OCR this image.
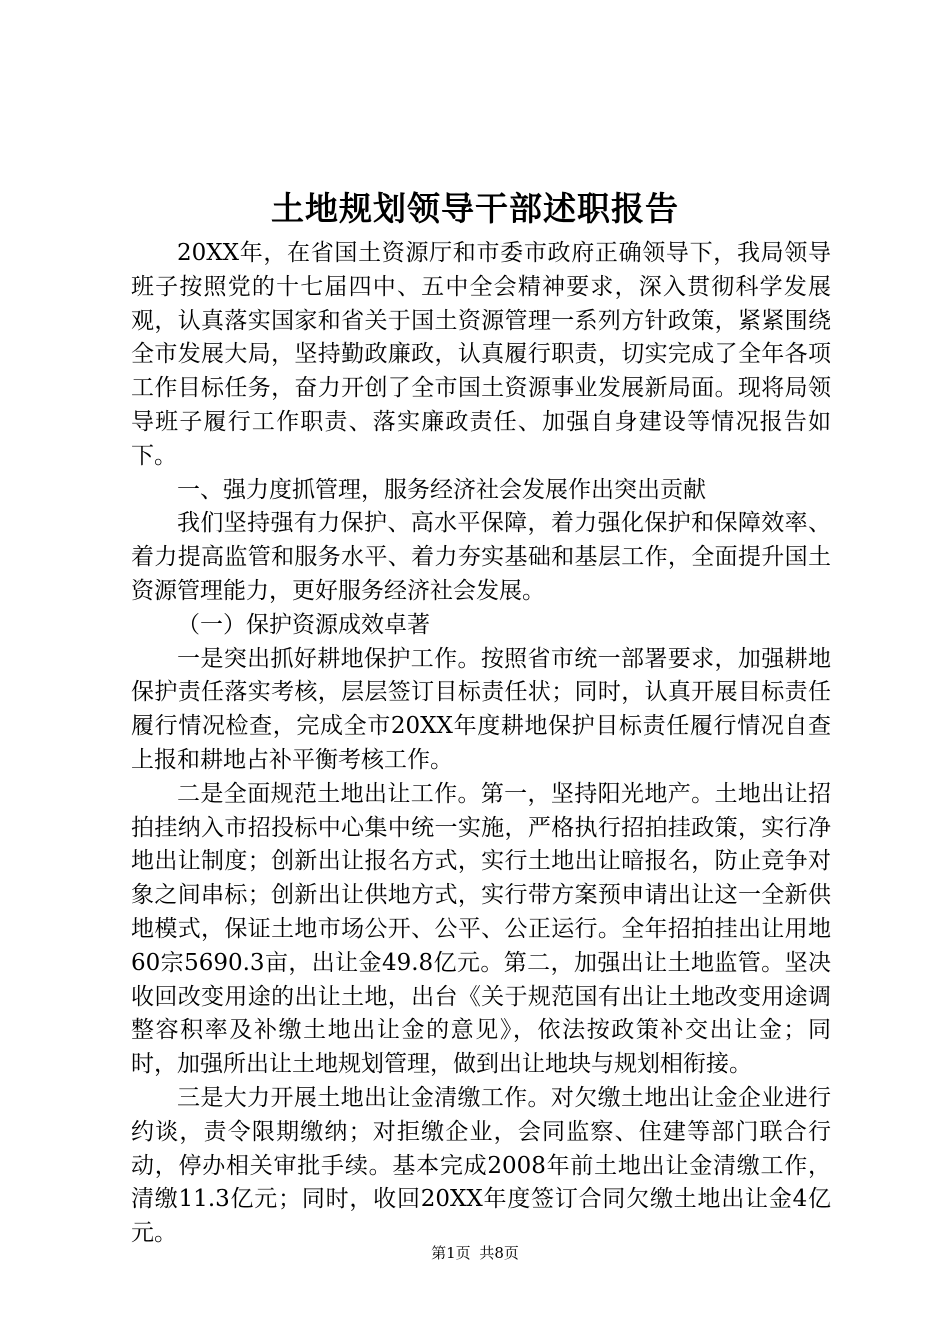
土地规划领导干部述职报告

20XX年，在省国土资源厅和市委市政府正确领导下，我局领导班子按照党的十七届四中、五中全会精神要求，深入贯彻科学发展观，认真落实国家和省关于国土资源管理一系列方针政策，紧紧围绕全市发展大局，坚持勤政廉政，认真履行职责，切实完成了全年各项工作目标任务，奋力开创了全市国土资源事业发展新局面。现将局领导班子履行工作职责、落实廉政责任、加强自身建设等情况报告如下。

一、强力度抓管理，服务经济社会发展作出突出贡献

我们坚持强有力保护、高水平保障，着力强化保护和保障效率、着力提高监管和服务水平、着力夯实基础和基层工作，全面提升国土资源管理能力，更好服务经济社会发展。

（一）保护资源成效卓著

一是突出抓好耕地保护工作。按照省市统一部署要求，加强耕地保护责任落实考核，层层签订目标责任状；同时，认真开展目标责任履行情况检查，完成全市20XX年度耕地保护目标责任履行情况自查上报和耕地占补平衡考核工作。

二是全面规范土地出让工作。第一，坚持阳光地产。土地出让招拍挂纳入市招投标中心集中统一实施，严格执行招拍挂政策，实行净地出让制度；创新出让报名方式，实行土地出让暗报名，防止竞争对象之间串标；创新出让供地方式，实行带方案预申请出让这一全新供地模式，保证土地市场公开、公平、公正运行。全年招拍挂出让用地60宗5690.3亩，出让金49.8亿元。第二，加强出让土地监管。坚决收回改变用途的出让土地，出台《关于规范国有出让土地改变用途调整容积率及补缴土地出让金的意见》，依法按政策补交出让金；同时，加强所出让土地规划管理，做到出让地块与规划相衔接。

三是大力开展土地出让金清缴工作。对欠缴土地出让金企业进行约谈，责令限期缴纳；对拒缴企业，会同监察、住建等部门联合行动，停办相关审批手续。基本完成2008年前土地出让金清缴工作，清缴11.3亿元；同时，收回20XX年度签订合同欠缴土地出让金4亿元。

第1页 共8页
